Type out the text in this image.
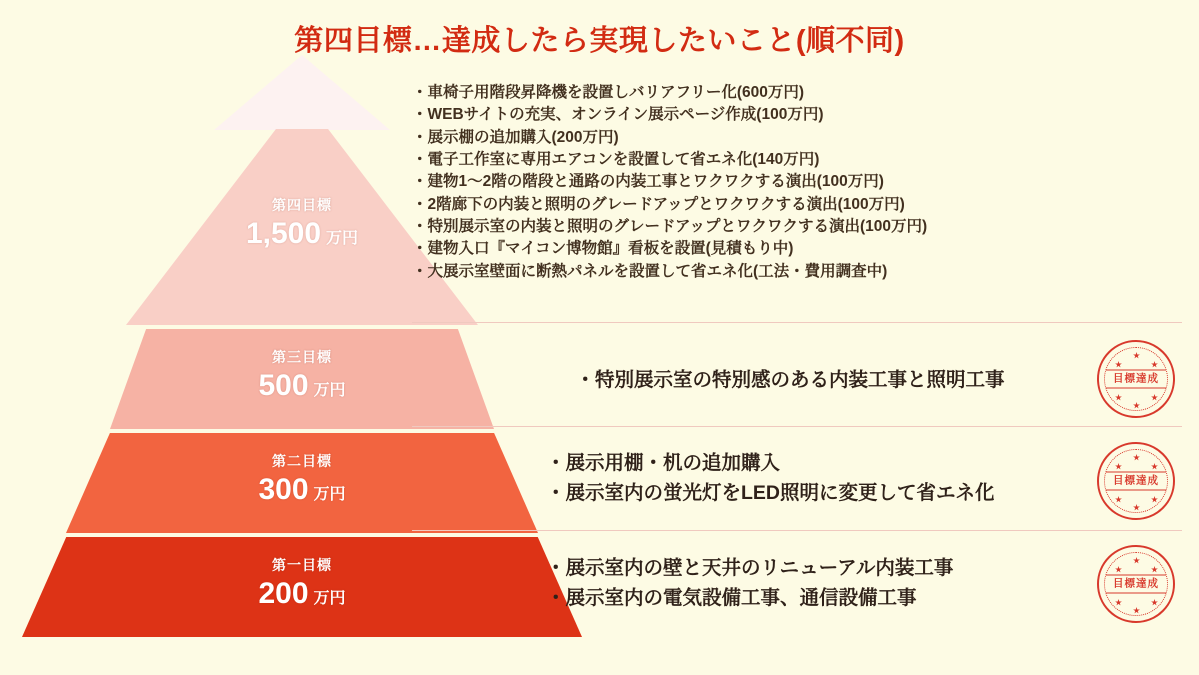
第四目標…達成したら実現したいこと(順不同)
第四目標
1,500 万円
第三目標
500 万円
第二目標
300 万円
第一目標
200 万円
・車椅子用階段昇降機を設置しバリアフリー化(600万円)
・WEBサイトの充実、オンライン展示ページ作成(100万円)
・展示棚の追加購入(200万円)
・電子工作室に専用エアコンを設置して省エネ化(140万円)
・建物1〜2階の階段と通路の内装工事とワクワクする演出(100万円)
・2階廊下の内装と照明のグレードアップとワクワクする演出(100万円)
・特別展示室の内装と照明のグレードアップとワクワクする演出(100万円)
・建物入口『マイコン博物館』看板を設置(見積もり中)
・大展示室壁面に断熱パネルを設置して省エネ化(工法・費用調査中)
・特別展示室の特別感のある内装工事と照明工事
・展示用棚・机の追加購入
・展示室内の蛍光灯をLED照明に変更して省エネ化
・展示室内の壁と天井のリニューアル内装工事
・展示室内の電気設備工事、通信設備工事
目標達成
目標達成
目標達成
